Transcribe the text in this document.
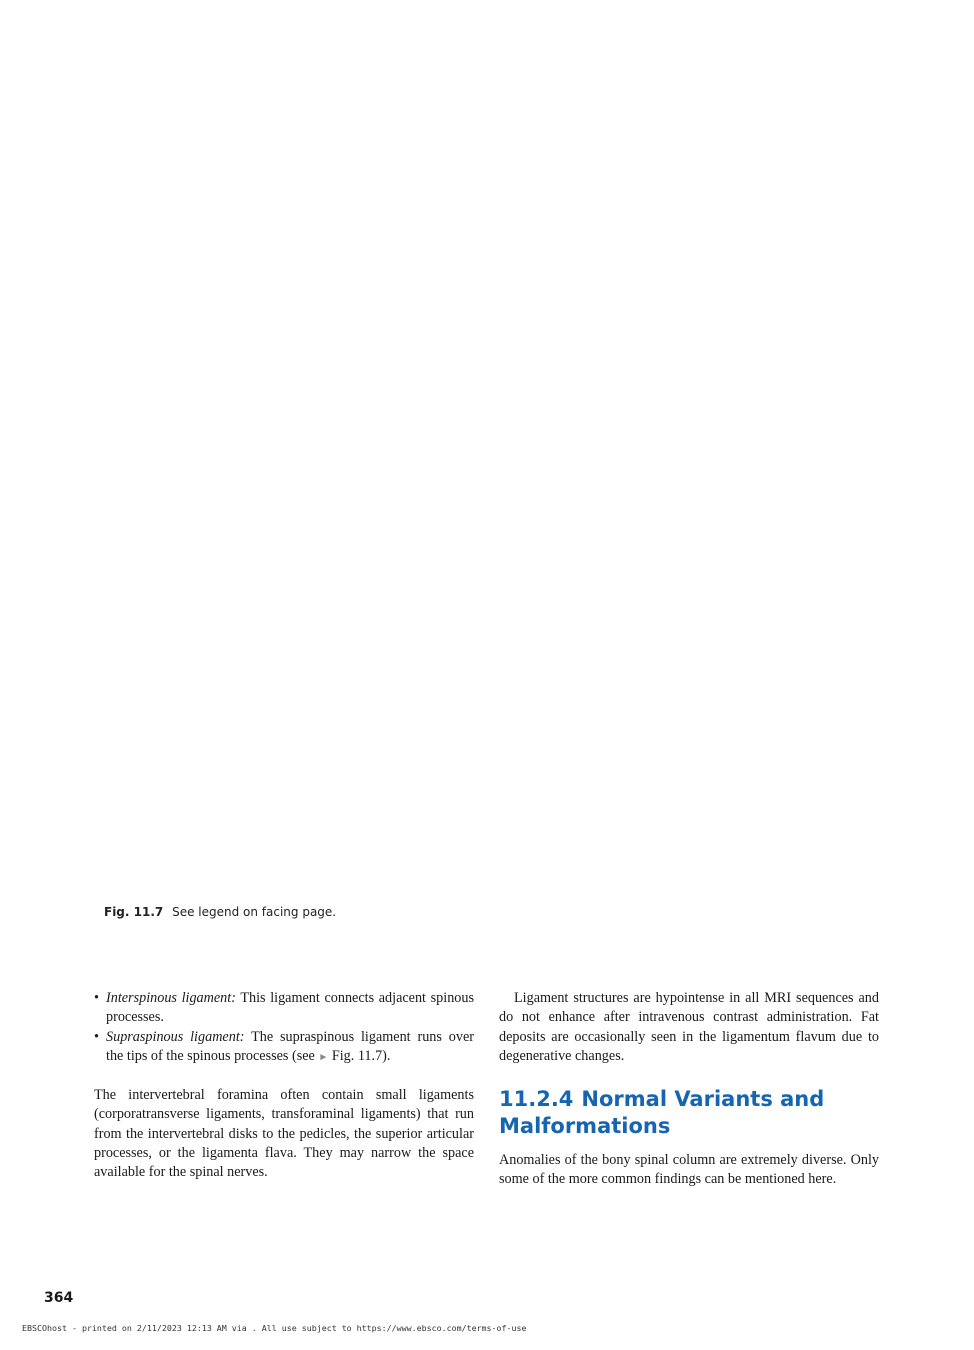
Fig. 11.7 See legend on facing page.
• Interspinous ligament: This ligament connects adjacent spinous processes.
• Supraspinous ligament: The supraspinous ligament runs over the tips of the spinous processes (see ► Fig. 11.7).

The intervertebral foramina often contain small ligaments (corporatransverse ligaments, transforaminal ligaments) that run from the intervertebral disks to the pedicles, the superior articular processes, or the ligamenta flava. They may narrow the space available for the spinal nerves.

Ligament structures are hypointense in all MRI sequences and do not enhance after intravenous contrast administration. Fat deposits are occasionally seen in the ligamentum flavum due to degenerative changes.

11.2.4 Normal Variants and Malformations

Anomalies of the bony spinal column are extremely diverse. Only some of the more common findings can be mentioned here.

364
EBSCOhost - printed on 2/11/2023 12:13 AM via . All use subject to https://www.ebsco.com/terms-of-use
